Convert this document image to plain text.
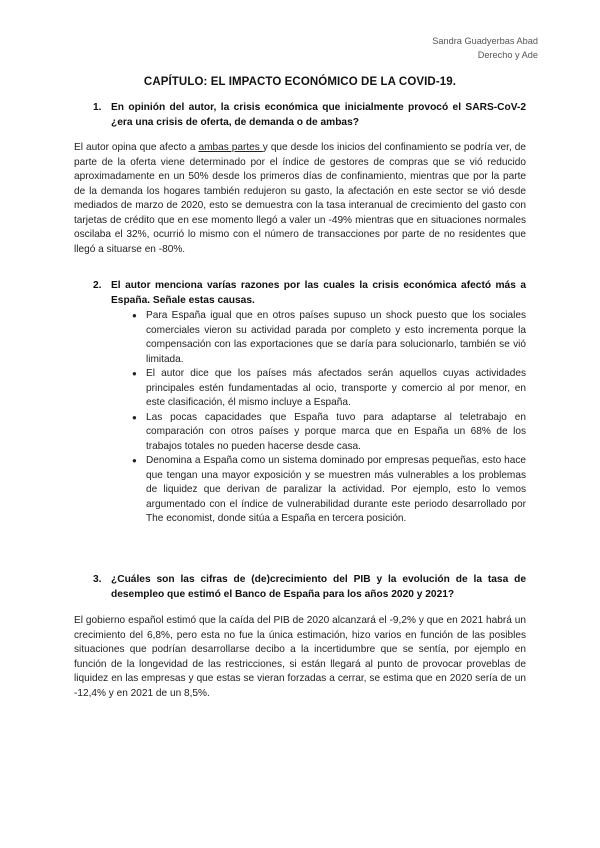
Sandra Guadyerbas Abad
Derecho y Ade
CAPÍTULO: EL IMPACTO ECONÓMICO DE LA COVID-19.
1. En opinión del autor, la crisis económica que inicialmente provocó el SARS-CoV-2 ¿era una crisis de oferta, de demanda o de ambas?
El autor opina que afecto a ambas partes y que desde los inicios del confinamiento se podría ver, de parte de la oferta viene determinado por el índice de gestores de compras que se vió reducido aproximadamente en un 50% desde los primeros días de confinamiento, mientras que por la parte de la demanda los hogares también redujeron su gasto, la afectación en este sector se vió desde mediados de marzo de 2020, esto se demuestra con la tasa interanual de crecimiento del gasto con tarjetas de crédito que en ese momento llegó a valer un -49% mientras que en situaciones normales oscilaba el 32%, ocurrió lo mismo con el número de transacciones por parte de no residentes que llegó a situarse en -80%.
2. El autor menciona varías razones por las cuales la crisis económica afectó más a España. Señale estas causas.
● Para España igual que en otros países supuso un shock puesto que los sociales comerciales vieron su actividad parada por completo y esto incrementa porque la compensación con las exportaciones que se daría para solucionarlo, también se vió limitada.
● El autor dice que los países más afectados serán aquellos cuyas actividades principales estén fundamentadas al ocio, transporte y comercio al por menor, en este clasificación, él mismo incluye a España.
● Las pocas capacidades que España tuvo para adaptarse al teletrabajo en comparación con otros países y porque marca que en España un 68% de los trabajos totales no pueden hacerse desde casa.
● Denomina a España como un sistema dominado por empresas pequeñas, esto hace que tengan una mayor exposición y se muestren más vulnerables a los problemas de liquidez que derivan de paralizar la actividad. Por ejemplo, esto lo vemos argumentado con el índice de vulnerabilidad durante este periodo desarrollado por The economist, donde sitúa a España en tercera posición.
3. ¿Cuáles son las cifras de (de)crecimiento del PIB y la evolución de la tasa de desempleo que estimó el Banco de España para los años 2020 y 2021?
El gobierno español estimó que la caída del PIB de 2020 alcanzará el -9,2% y que en 2021 habrá un crecimiento del 6,8%, pero esta no fue la única estimación, hizo varios en función de las posibles situaciones que podrían desarrollarse decibo a la incertidumbre que se sentía, por ejemplo en función de la longevidad de las restricciones, si están llegará al punto de provocar proveblas de liquidez en las empresas y que estas se vieran forzadas a cerrar, se estima que en 2020 sería de un -12,4% y en 2021 de un 8,5%.
